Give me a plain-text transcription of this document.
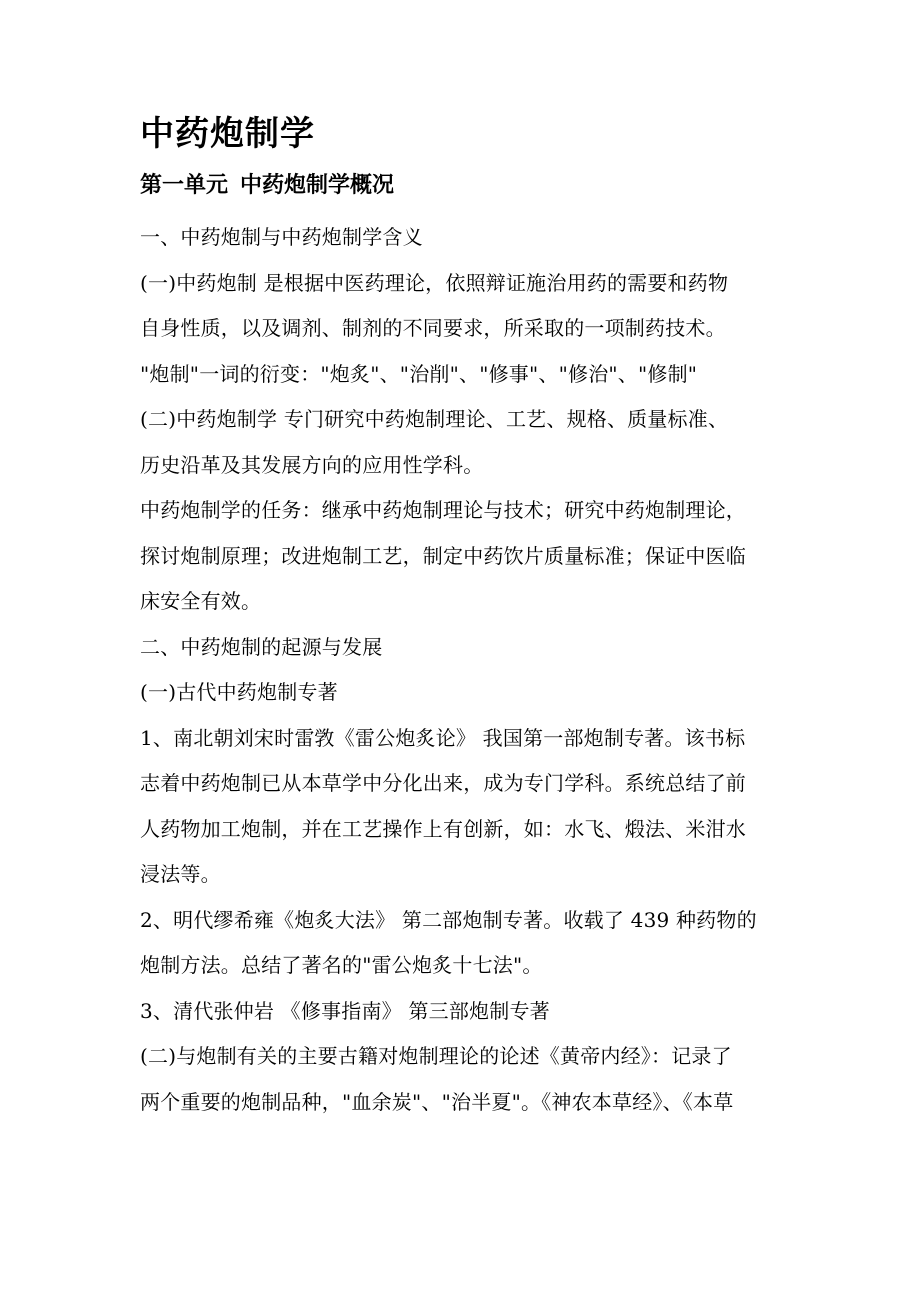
中药炮制学
第一单元 中药炮制学概况
一、中药炮制与中药炮制学含义
(一)中药炮制 是根据中医药理论，依照辩证施治用药的需要和药物
自身性质，以及调剂、制剂的不同要求，所采取的一项制药技术。
"炮制"一词的衍变："炮炙"、"治削"、"修事"、"修治"、"修制"
(二)中药炮制学 专门研究中药炮制理论、工艺、规格、质量标准、
历史沿革及其发展方向的应用性学科。
中药炮制学的任务：继承中药炮制理论与技术；研究中药炮制理论，
探讨炮制原理；改进炮制工艺，制定中药饮片质量标准；保证中医临
床安全有效。
二、中药炮制的起源与发展
(一)古代中药炮制专著
1、南北朝刘宋时雷敩《雷公炮炙论》 我国第一部炮制专著。该书标
志着中药炮制已从本草学中分化出来，成为专门学科。系统总结了前
人药物加工炮制，并在工艺操作上有创新，如：水飞、煅法、米泔水
浸法等。
2、明代缪希雍《炮炙大法》 第二部炮制专著。收载了 439 种药物的
炮制方法。总结了著名的"雷公炮炙十七法"。
3、清代张仲岩 《修事指南》 第三部炮制专著
(二)与炮制有关的主要古籍对炮制理论的论述《黄帝内经》：记录了
两个重要的炮制品种，"血余炭"、"治半夏"。《神农本草经》、《本草
